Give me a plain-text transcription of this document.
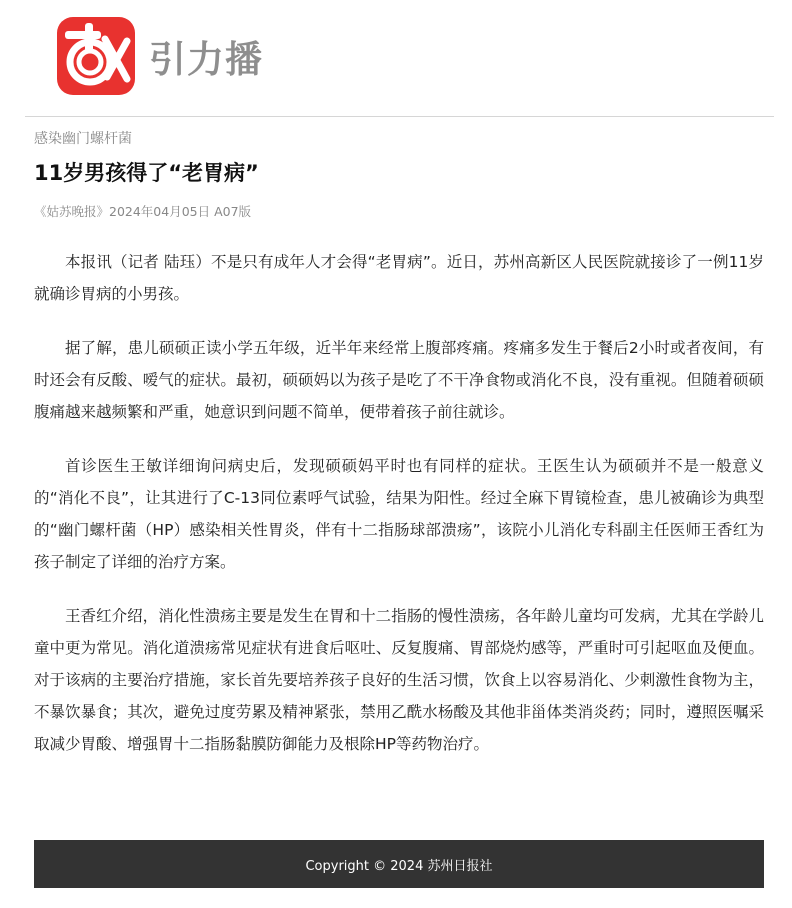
引力播
感染幽门螺杆菌
11岁男孩得了“老胃病”
《姑苏晚报》2024年04月05日 A07版

本报讯（记者 陆珏）不是只有成年人才会得“老胃病”。近日，苏州高新区人民医院就接诊了一例11岁就确诊胃病的小男孩。

据了解，患儿硕硕正读小学五年级，近半年来经常上腹部疼痛。疼痛多发生于餐后2小时或者夜间，有时还会有反酸、嗳气的症状。最初，硕硕妈以为孩子是吃了不干净食物或消化不良，没有重视。但随着硕硕腹痛越来越频繁和严重，她意识到问题不简单，便带着孩子前往就诊。

首诊医生王敏详细询问病史后，发现硕硕妈平时也有同样的症状。王医生认为硕硕并不是一般意义的“消化不良”，让其进行了C-13同位素呼气试验，结果为阳性。经过全麻下胃镜检查，患儿被确诊为典型的“幽门螺杆菌（HP）感染相关性胃炎，伴有十二指肠球部溃疡”，该院小儿消化专科副主任医师王香红为孩子制定了详细的治疗方案。

王香红介绍，消化性溃疡主要是发生在胃和十二指肠的慢性溃疡，各年龄儿童均可发病，尤其在学龄儿童中更为常见。消化道溃疡常见症状有进食后呕吐、反复腹痛、胃部烧灼感等，严重时可引起呕血及便血。对于该病的主要治疗措施，家长首先要培养孩子良好的生活习惯，饮食上以容易消化、少刺激性食物为主，不暴饮暴食；其次，避免过度劳累及精神紧张，禁用乙酰水杨酸及其他非甾体类消炎药；同时，遵照医嘱采取减少胃酸、增强胃十二指肠黏膜防御能力及根除HP等药物治疗。

Copyright © 2024 苏州日报社
